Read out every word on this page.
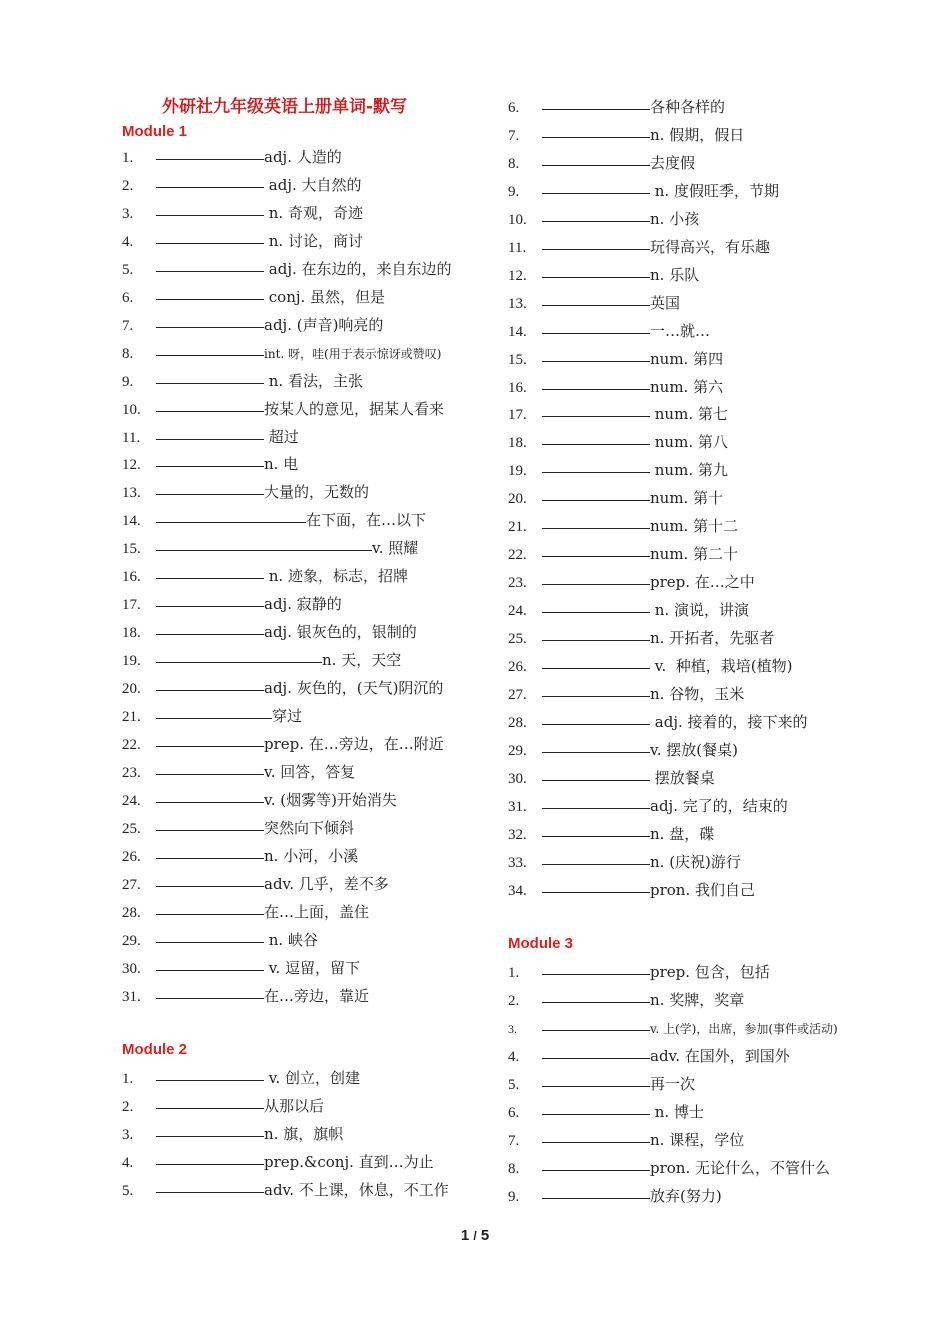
外研社九年级英语上册单词-默写
Module 1
1.	adj. 人造的
2.	adj. 大自然的
3.	n. 奇观，奇迹
4.	n. 讨论，商讨
5.	adj. 在东边的，来自东边的
6.	conj. 虽然，但是
7.	adj. (声音)响亮的
8.	int. 呀，哇(用于表示惊讶或赞叹)
9.	n. 看法，主张
10.	按某人的意见，据某人看来
11.	超过
12.	n. 电
13.	大量的，无数的
14.	在下面，在…以下
15.	v. 照耀
16.	n. 迹象，标志，招牌
17.	adj. 寂静的
18.	adj. 银灰色的，银制的
19.	n. 天，天空
20.	adj. 灰色的，(天气)阴沉的
21.	穿过
22.	prep. 在…旁边，在…附近
23.	v. 回答，答复
24.	v. (烟雾等)开始消失
25.	突然向下倾斜
26.	n. 小河，小溪
27.	adv. 几乎，差不多
28.	在…上面，盖住
29.	n. 峡谷
30.	v. 逗留，留下
31.	在…旁边，靠近
Module 2
1.	v. 创立，创建
2.	从那以后
3.	n. 旗，旗帜
4.	prep.&conj. 直到…为止
5.	adv. 不上课，休息，不工作
6.	各种各样的
7.	n. 假期，假日
8.	去度假
9.	n. 度假旺季，节期
10.	n. 小孩
11.	玩得高兴，有乐趣
12.	n. 乐队
13.	英国
14.	一…就…
15.	num. 第四
16.	num. 第六
17.	num. 第七
18.	num. 第八
19.	num. 第九
20.	num. 第十
21.	num. 第十二
22.	num. 第二十
23.	prep. 在…之中
24.	n. 演说，讲演
25.	n. 开拓者，先驱者
26.	v.  种植，栽培(植物)
27.	n. 谷物，玉米
28.	adj. 接着的，接下来的
29.	v. 摆放(餐桌)
30.	摆放餐桌
31.	adj. 完了的，结束的
32.	n. 盘，碟
33.	n. (庆祝)游行
34.	pron. 我们自己
Module 3
1.	prep. 包含，包括
2.	n. 奖牌，奖章
3.	v. 上(学)，出席，参加(事件或活动)
4.	adv. 在国外，到国外
5.	再一次
6.	n. 博士
7.	n. 课程，学位
8.	pron. 无论什么，不管什么
9.	放弃(努力)
1 / 5
